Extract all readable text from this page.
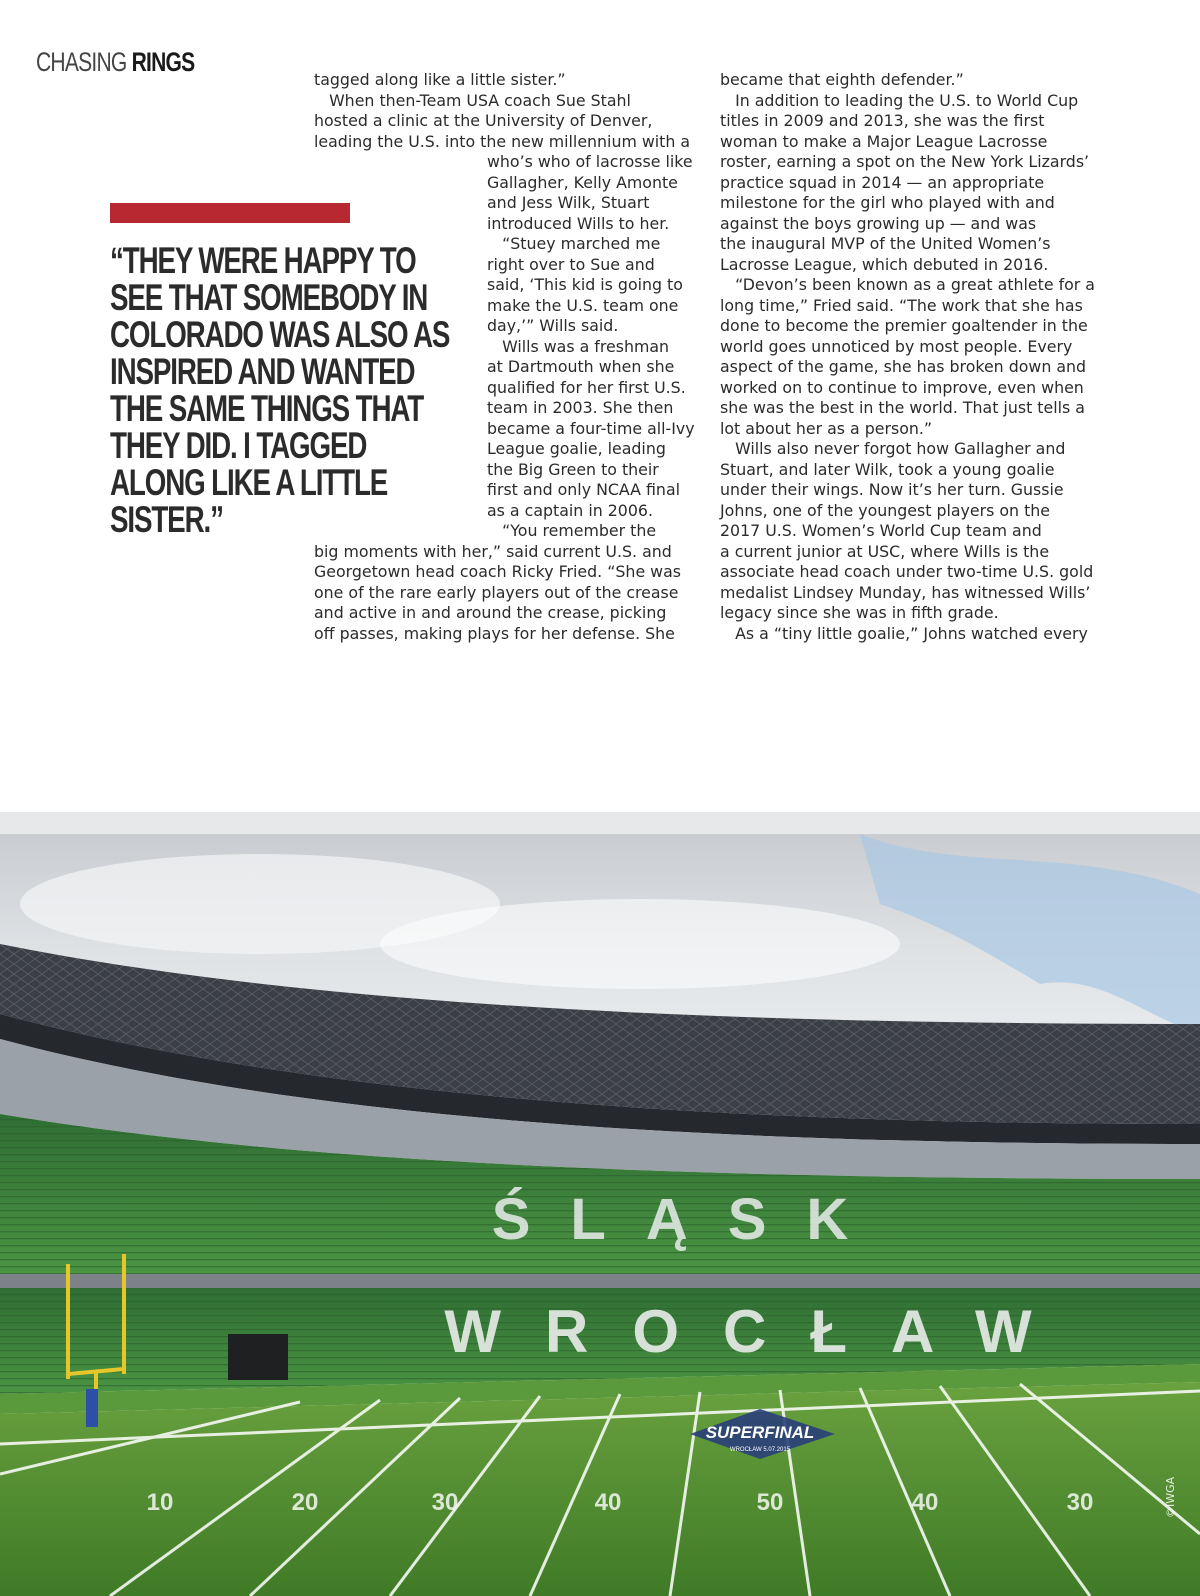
CHASING RINGS
“THEY WERE HAPPY TO SEE THAT SOMEBODY IN COLORADO WAS ALSO AS INSPIRED AND WANTED THE SAME THINGS THAT THEY DID. I TAGGED ALONG LIKE A LITTLE SISTER.”

tagged along like a little sister.”

When then-Team USA coach Sue Stahl

hosted a clinic at the University of Denver,

leading the U.S. into the new millennium with a

who’s who of lacrosse like

Gallagher, Kelly Amonte

and Jess Wilk, Stuart

introduced Wills to her.

“Stuey marched me

right over to Sue and

said, ‘This kid is going to

make the U.S. team one

day,’” Wills said.

Wills was a freshman

at Dartmouth when she

qualified for her first U.S.

team in 2003. She then

became a four-time all-Ivy

League goalie, leading

the Big Green to their

first and only NCAA final

as a captain in 2006.

“You remember the

big moments with her,” said current U.S. and

Georgetown head coach Ricky Fried. “She was

one of the rare early players out of the crease

and active in and around the crease, picking

off passes, making plays for her defense. She

became that eighth defender.”

In addition to leading the U.S. to World Cup

titles in 2009 and 2013, she was the first

woman to make a Major League Lacrosse

roster, earning a spot on the New York Lizards’

practice squad in 2014 — an appropriate

milestone for the girl who played with and

against the boys growing up — and was

the inaugural MVP of the United Women’s

Lacrosse League, which debuted in 2016.

“Devon’s been known as a great athlete for a

long time,” Fried said. “The work that she has

done to become the premier goaltender in the

world goes unnoticed by most people. Every

aspect of the game, she has broken down and

worked on to continue to improve, even when

she was the best in the world. That just tells a

lot about her as a person.”

Wills also never forgot how Gallagher and

Stuart, and later Wilk, took a young goalie

under their wings. Now it’s her turn. Gussie

Johns, one of the youngest players on the

2017 U.S. Women’s World Cup team and

a current junior at USC, where Wills is the

associate head coach under two-time U.S. gold

medalist Lindsey Munday, has witnessed Wills’

legacy since she was in fifth grade.

As a “tiny little goalie,” Johns watched every

ŚLĄSK
WROCŁAW
SUPERFINAL
WROCŁAW 5.07.2015
10	20	30	40	50	40	30	©IWGA
